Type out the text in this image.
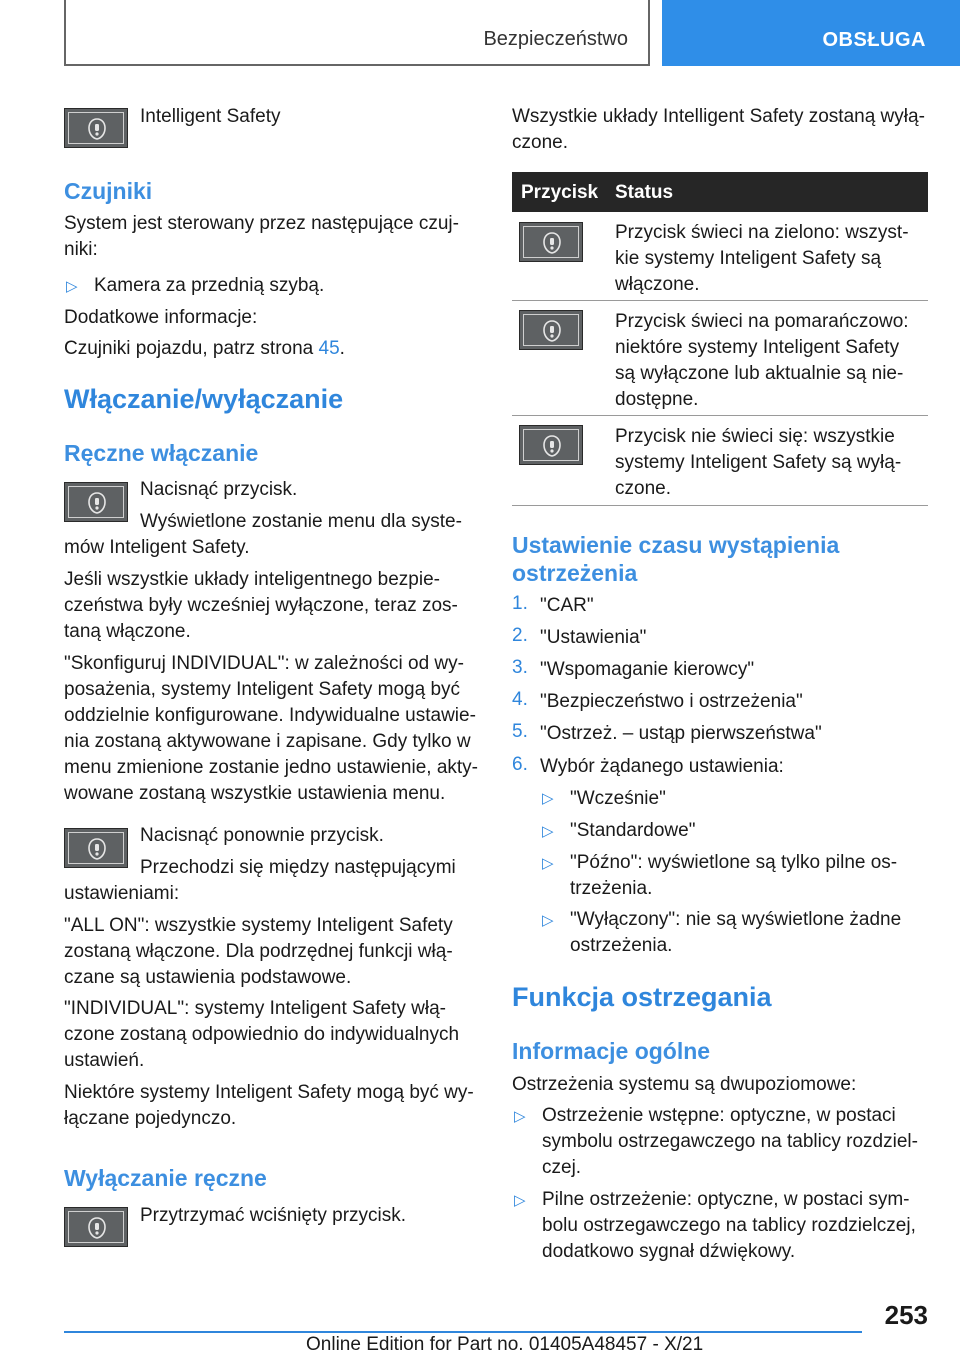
Bezpieczeństwo	OBSŁUGA
Intelligent Safety
Czujniki
System jest sterowany przez następujące czuj-
niki:
▷ Kamera za przednią szybą.
Dodatkowe informacje:
Czujniki pojazdu, patrz strona 45.
Włączanie/wyłączanie
Ręczne włączanie
Nacisnąć przycisk.
Wyświetlone zostanie menu dla syste-
mów Inteligent Safety.
Jeśli wszystkie układy inteligentnego bezpie-
czeństwa były wcześniej wyłączone, teraz zos-
taną włączone.
"Skonfiguruj INDIVIDUAL": w zależności od wy-
posażenia, systemy Inteligent Safety mogą być
oddzielnie konfigurowane. Indywidualne ustawie-
nia zostaną aktywowane i zapisane. Gdy tylko w
menu zmienione zostanie jedno ustawienie, akty-
wowane zostaną wszystkie ustawienia menu.
Nacisnąć ponownie przycisk.
Przechodzi się między następującymi
ustawieniami:
"ALL ON": wszystkie systemy Inteligent Safety
zostaną włączone. Dla podrzędnej funkcji włą-
czane są ustawienia podstawowe.
"INDIVIDUAL": systemy Inteligent Safety włą-
czone zostaną odpowiednio do indywidualnych
ustawień.
Niektóre systemy Inteligent Safety mogą być wy-
łączane pojedynczo.
Wyłączanie ręczne
Przytrzymać wciśnięty przycisk.
Wszystkie układy Intelligent Safety zostaną wyłą-
czone.
Przycisk Status
Przycisk świeci na zielono: wszyst-
kie systemy Inteligent Safety są
włączone.
Przycisk świeci na pomarańczowo:
niektóre systemy Inteligent Safety
są wyłączone lub aktualnie są nie-
dostępne.
Przycisk nie świeci się: wszystkie
systemy Inteligent Safety są wyłą-
czone.
Ustawienie czasu wystąpienia
ostrzeżenia
1. "CAR"
2. "Ustawienia"
3. "Wspomaganie kierowcy"
4. "Bezpieczeństwo i ostrzeżenia"
5. "Ostrzeż. – ustąp pierwszeństwa"
6. Wybór żądanego ustawienia:
▷ "Wcześnie"
▷ "Standardowe"
▷ "Późno": wyświetlone są tylko pilne os-
trzeżenia.
▷ "Wyłączony": nie są wyświetlone żadne
ostrzeżenia.
Funkcja ostrzegania
Informacje ogólne
Ostrzeżenia systemu są dwupoziomowe:
▷ Ostrzeżenie wstępne: optyczne, w postaci
symbolu ostrzegawczego na tablicy rozdziel-
czej.
▷ Pilne ostrzeżenie: optyczne, w postaci sym-
bolu ostrzegawczego na tablicy rozdzielczej,
dodatkowo sygnał dźwiękowy.
253
Online Edition for Part no. 01405A48457 - X/21
